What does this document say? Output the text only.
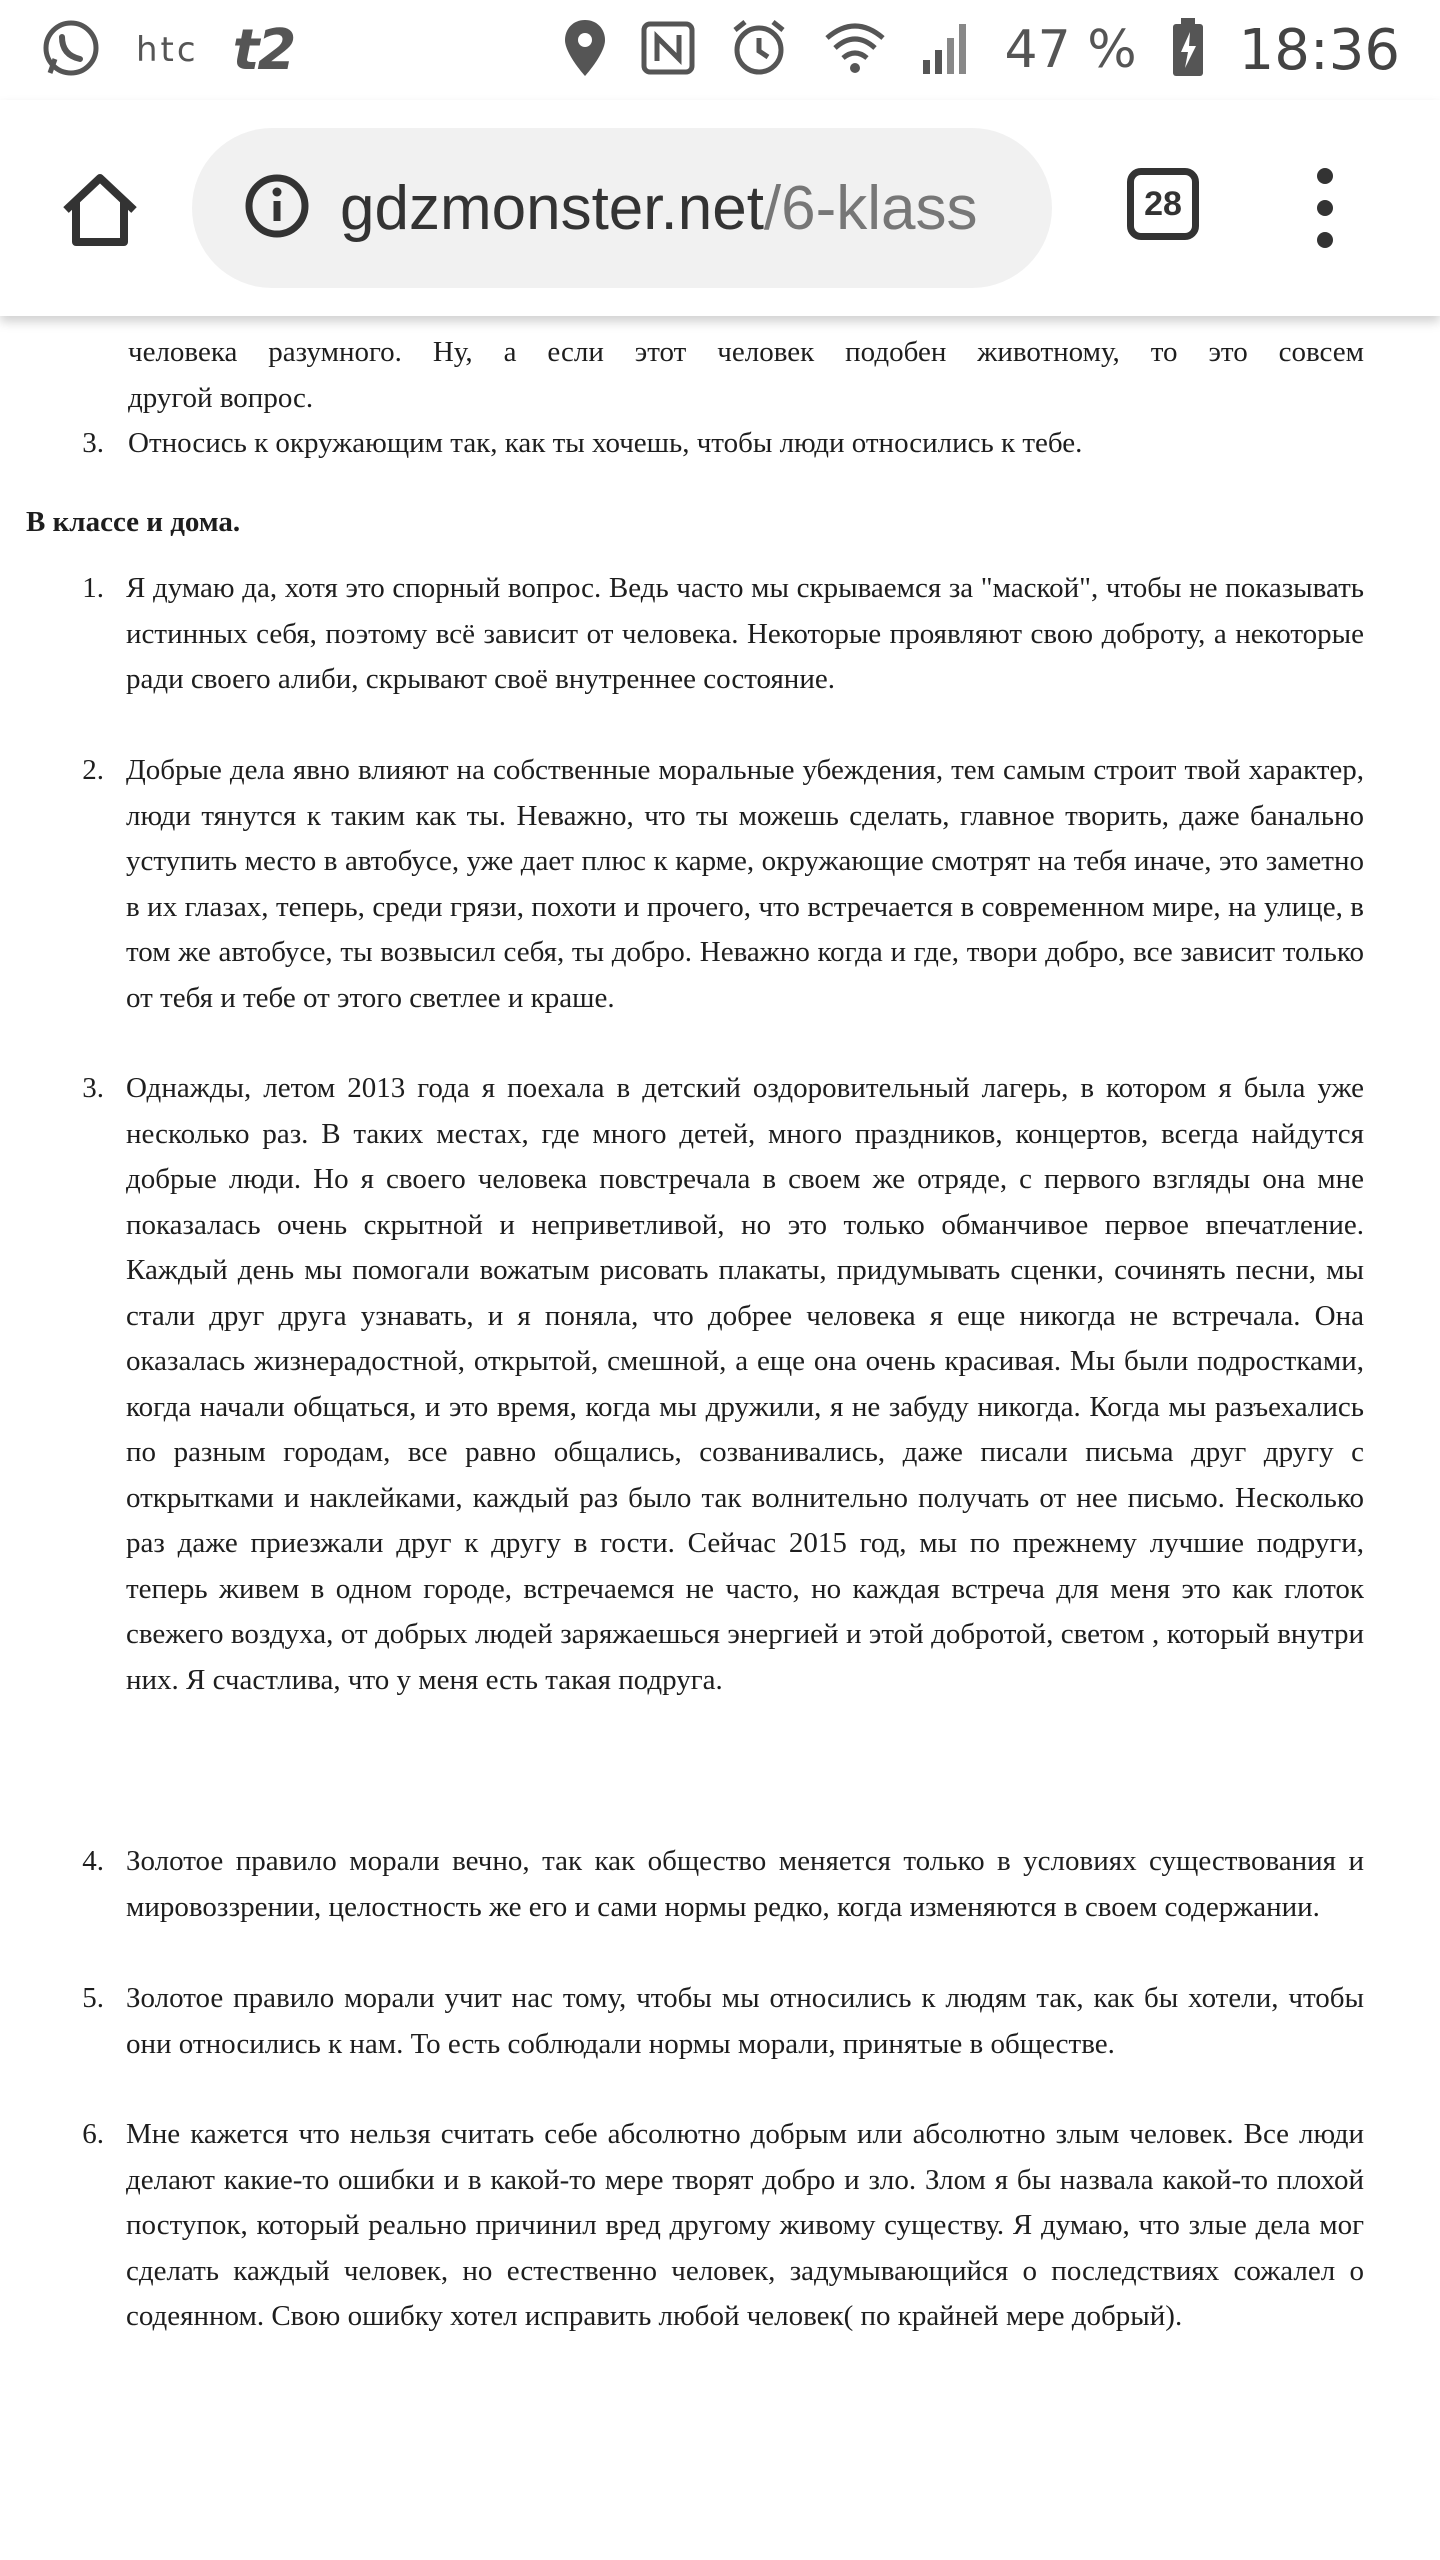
htc t2	47 % 18:36
gdzmonster.net/6-klass	28
человека разумного. Ну, а если этот человек подобен животному, то это совсем
другой вопрос.
3. Относись к окружающим так, как ты хочешь, чтобы люди относились к тебе.
В классе и дома.
1. Я думаю да, хотя это спорный вопрос. Ведь часто мы скрываемся за "маской", чтобы не показывать истинных себя, поэтому всё зависит от человека. Некоторые проявляют свою доброту, а некоторые ради своего алиби, скрывают своё внутреннее состояние.
2. Добрые дела явно влияют на собственные моральные убеждения, тем самым строит твой характер, люди тянутся к таким как ты. Неважно, что ты можешь сделать, главное творить, даже банально уступить место в автобусе, уже дает плюс к карме, окружающие смотрят на тебя иначе, это заметно в их глазах, теперь, среди грязи, похоти и прочего, что встречается в современном мире, на улице, в том же автобусе, ты возвысил себя, ты добро. Неважно когда и где, твори добро, все зависит только от тебя и тебе от этого светлее и краше.
3. Однажды, летом 2013 года я поехала в детский оздоровительный лагерь, в котором я была уже несколько раз. В таких местах, где много детей, много праздников, концертов, всегда найдутся добрые люди. Но я своего человека повстречала в своем же отряде, с первого взгляды она мне показалась очень скрытной и неприветливой, но это только обманчивое первое впечатление. Каждый день мы помогали вожатым рисовать плакаты, придумывать сценки, сочинять песни, мы стали друг друга узнавать, и я поняла, что добрее человека я еще никогда не встречала. Она оказалась жизнерадостной, открытой, смешной, а еще она очень красивая. Мы были подростками, когда начали общаться, и это время, когда мы дружили, я не забуду никогда. Когда мы разъехались по разным городам, все равно общались, созванивались, даже писали письма друг другу с открытками и наклейками, каждый раз было так волнительно получать от нее письмо. Несколько раз даже приезжали друг к другу в гости. Сейчас 2015 год, мы по прежнему лучшие подруги, теперь живем в одном городе, встречаемся не часто, но каждая встреча для меня это как глоток свежего воздуха, от добрых людей заряжаешься энергией и этой добротой, светом , который внутри них. Я счастлива, что у меня есть такая подруга.
4. Золотое правило морали вечно, так как общество меняется только в условиях существования и мировоззрении, целостность же его и сами нормы редко, когда изменяются в своем содержании.
5. Золотое правило морали учит нас тому, чтобы мы относились к людям так, как бы хотели, чтобы они относились к нам. То есть соблюдали нормы морали, принятые в обществе.
6. Мне кажется что нельзя считать себе абсолютно добрым или абсолютно злым человек. Все люди делают какие-то ошибки и в какой-то мере творят добро и зло. Злом я бы назвала какой-то плохой поступок, который реально причинил вред другому живому существу. Я думаю, что злые дела мог сделать каждый человек, но естественно человек, задумывающийся о последствиях сожалел о содеянном. Свою ошибку хотел исправить любой человек( по крайней мере добрый).
